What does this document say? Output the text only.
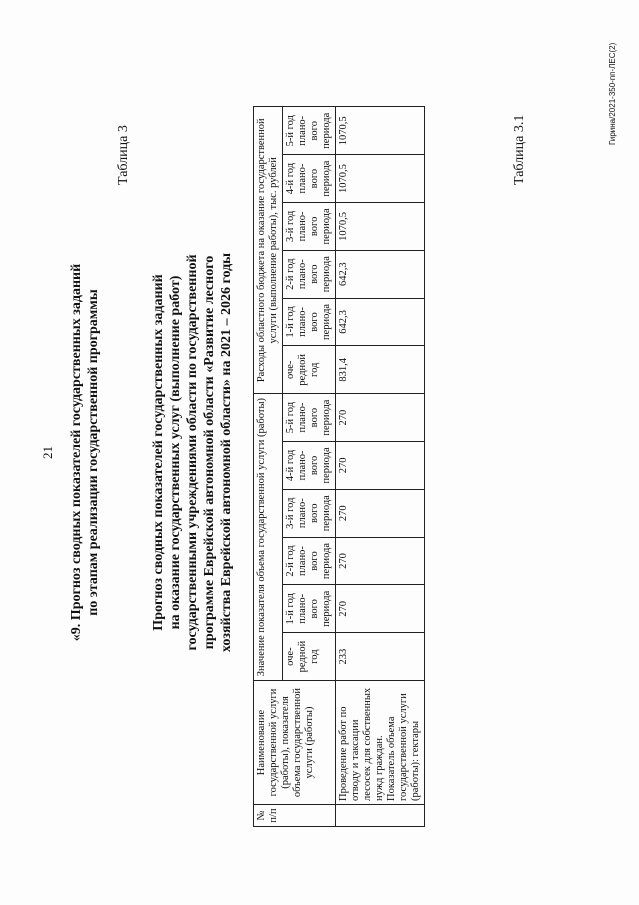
21 «9. Прогноз сводных показателей государственных заданий по этапам реализации государственной программы
Таблица 3
Прогноз сводных показателей государственных заданий на оказание государственных услуг (выполнение работ) государственными учреждениями области по государственной программе Еврейской автономной области «Развитие лесного хозяйства Еврейской автономной области» на 2021 – 2026 годы
№ п/п	Наименование государственной услуги (работы), показателя объема государственной услуги (работы)	Значение показателя объема государственной услуги (работы)						Расходы областного бюджета на оказание государственной услуги (выполнение работы), тыс. рублей					
		оче-редной год	1-й год плано-вого периода	2-й год плано-вого периода	3-й год плано-вого периода	4-й год плано-вого периода	5-й год плано-вого периода	оче-редной год	1-й год плано-вого периода	2-й год плано-вого периода	3-й год плано-вого периода	4-й год плано-вого периода	5-й год плано-вого периода
	Проведение работ по отводу и таксации лесосек для собственных нужд граждан. Показатель объема государственной услуги (работы): гектары	233	270	270	270	270	270	831,4	642,3	642,3	1070,5	1070,5	1070,5	Таблица 3.1
Гирина/2021-350-пп-ЛЕС(2)
